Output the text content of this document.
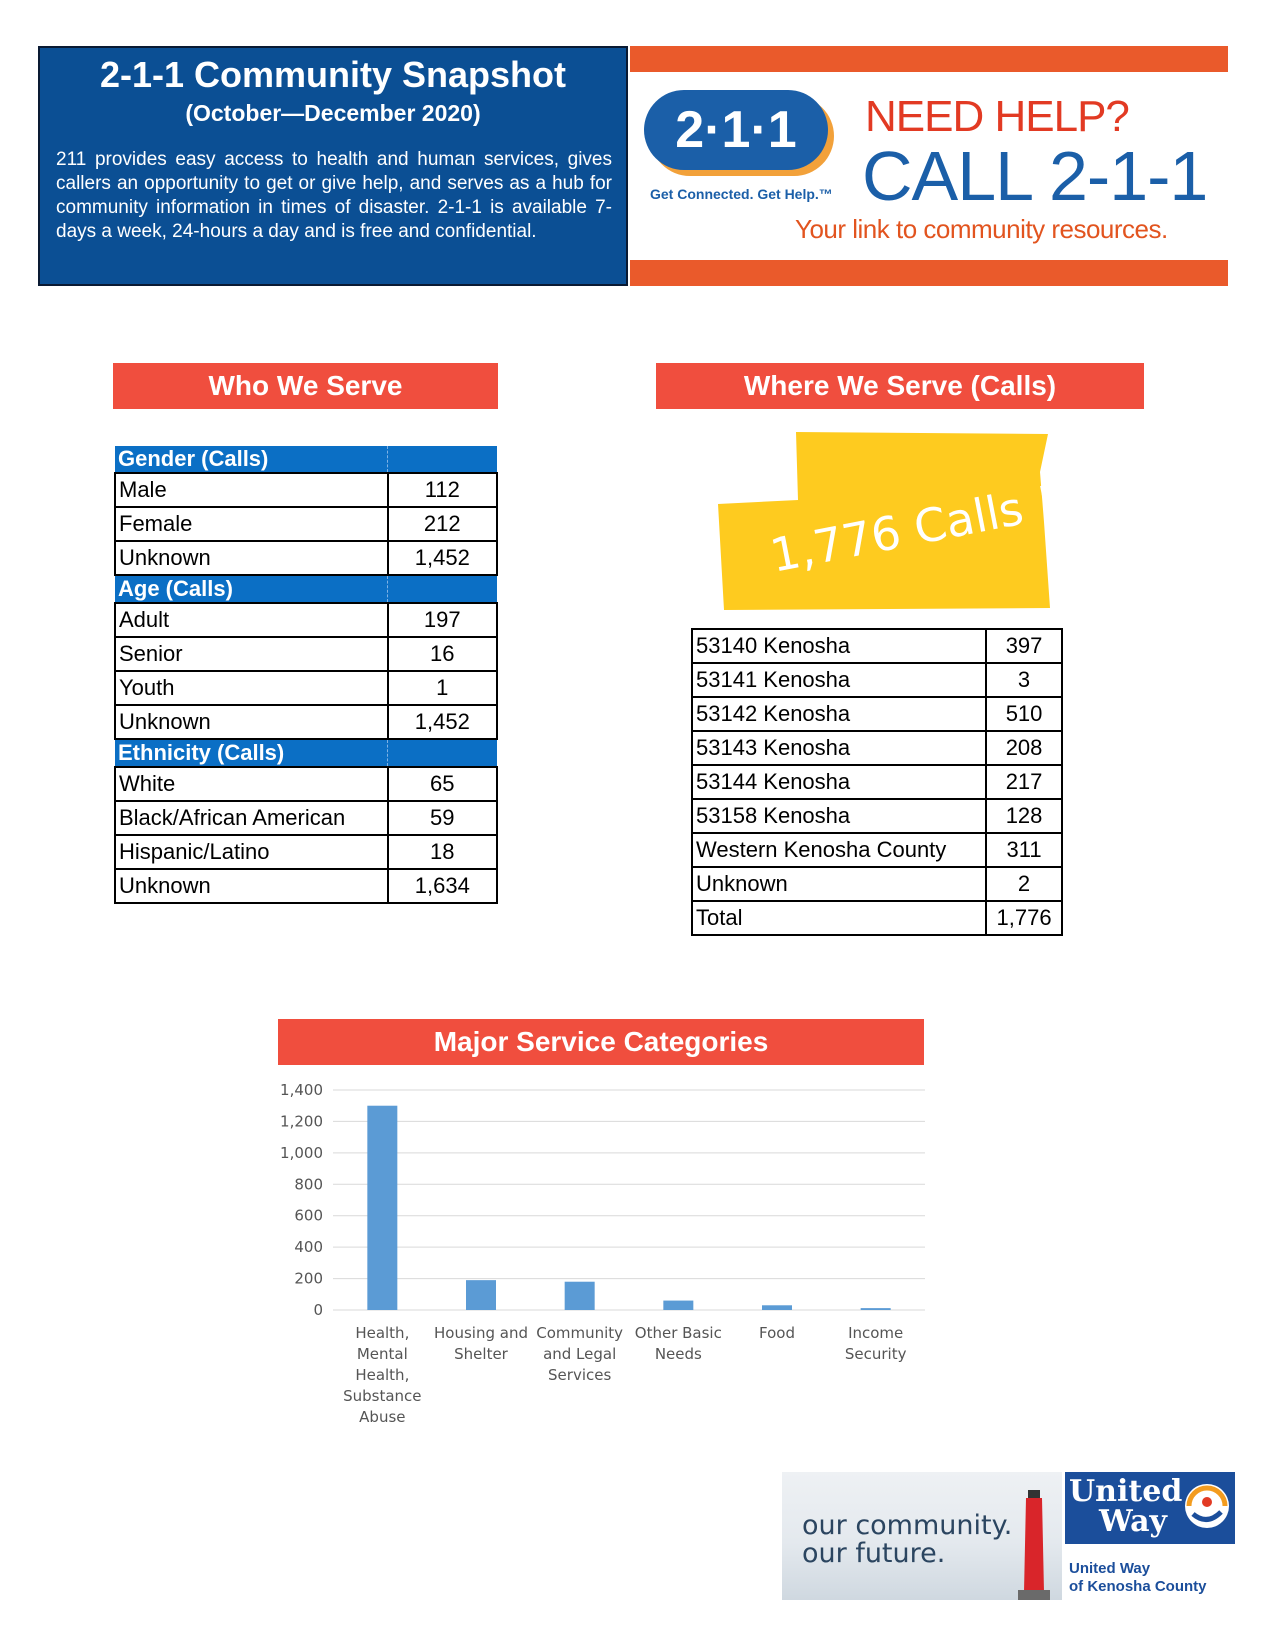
2-1-1 Community Snapshot
(October—December 2020)
211 provides easy access to health and human services, gives callers an opportunity to get or give help, and serves as a hub for community information in times of disaster. 2-1-1 is available 7-days a week, 24-hours a day and is free and confidential.
2·1·1
Get Connected. Get Help.™
NEED HELP?
CALL 2-1-1
Your link to community resources.
Who We Serve
Gender (Calls)	
Male	112
Female	212
Unknown	1,452
Age (Calls)	
Adult	197
Senior	16
Youth	1
Unknown	1,452
Ethnicity (Calls)	
White	65
Black/African American	59
Hispanic/Latino	18
Unknown	1,634
Where We Serve (Calls)
1,776 Calls !
53140 Kenosha	397
53141 Kenosha	3
53142 Kenosha	510
53143 Kenosha	208
53144 Kenosha	217
53158 Kenosha	128
Western Kenosha County	311
Unknown	2
Total	1,776
Major Service Categories
0
200
400
600
800
1,000
1,200
1,400
Health,
Mental
Health,
Substance
Abuse
Housing and
Shelter
Community
and Legal
Services
Other Basic
Needs
Food	Income
Security
our community.
our future.
United
Way
United Way
of Kenosha County
